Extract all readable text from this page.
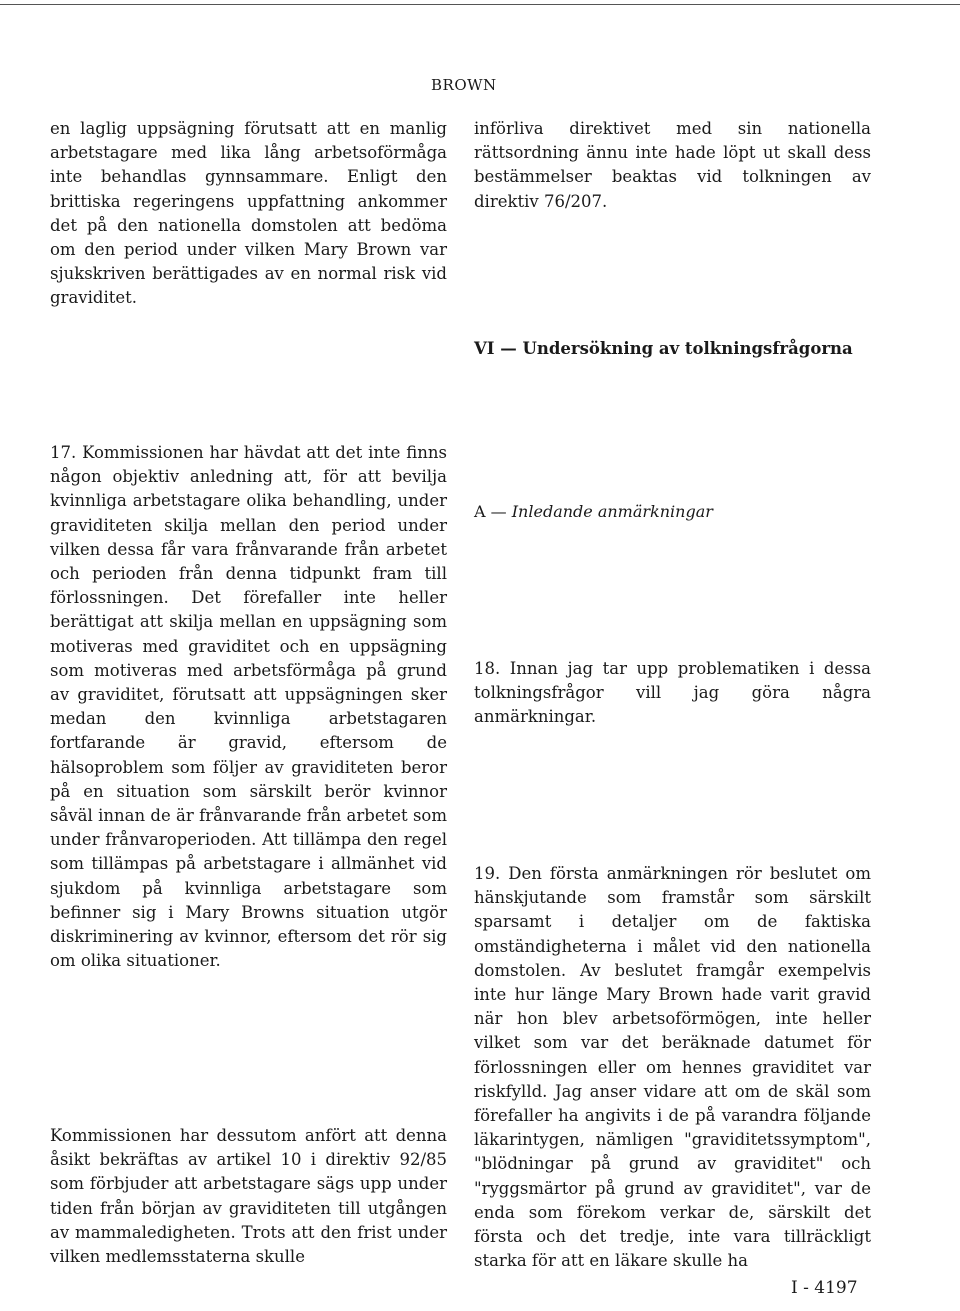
BROWN

en laglig uppsägning förutsatt att en manlig arbetstagare med lika lång arbetsoförmåga inte behandlas gynnsammare. Enligt den brittiska regeringens uppfattning ankommer det på den nationella domstolen att bedöma om den period under vilken Mary Brown var sjukskriven berättigades av en normal risk vid graviditet.

17. Kommissionen har hävdat att det inte finns någon objektiv anledning att, för att bevilja kvinnliga arbetstagare olika behandling, under graviditeten skilja mellan den period under vilken dessa får vara frånvarande från arbetet och perioden från denna tidpunkt fram till förlossningen. Det förefaller inte heller berättigat att skilja mellan en uppsägning som motiveras med graviditet och en uppsägning som motiveras med arbetsförmåga på grund av graviditet, förutsatt att uppsägningen sker medan den kvinnliga arbetstagaren fortfarande är gravid, eftersom de hälsoproblem som följer av graviditeten beror på en situation som särskilt berör kvinnor såväl innan de är frånvarande från arbetet som under frånvaroperioden. Att tillämpa den regel som tillämpas på arbetstagare i allmänhet vid sjukdom på kvinnliga arbetstagare som befinner sig i Mary Browns situation utgör diskriminering av kvinnor, eftersom det rör sig om olika situationer.

Kommissionen har dessutom anfört att denna åsikt bekräftas av artikel 10 i direktiv 92/85 som förbjuder att arbetstagare sägs upp under tiden från början av graviditeten till utgången av mammaledigheten. Trots att den frist under vilken medlemsstaterna skulle

införliva direktivet med sin nationella rättsordning ännu inte hade löpt ut skall dess bestämmelser beaktas vid tolkningen av direktiv 76/207.

VI — Undersökning av tolkningsfrågorna
A — Inledande anmärkningar

18. Innan jag tar upp problematiken i dessa tolkningsfrågor vill jag göra några anmärkningar.

19. Den första anmärkningen rör beslutet om hänskjutande som framstår som särskilt sparsamt i detaljer om de faktiska omständigheterna i målet vid den nationella domstolen. Av beslutet framgår exempelvis inte hur länge Mary Brown hade varit gravid när hon blev arbetsoförmögen, inte heller vilket som var det beräknade datumet för förlossningen eller om hennes graviditet var riskfylld. Jag anser vidare att om de skäl som förefaller ha angivits i de på varandra följande läkarintygen, nämligen "graviditetssymptom", "blödningar på grund av graviditet" och "ryggsmärtor på grund av graviditet", var de enda som förekom verkar de, särskilt det första och det tredje, inte vara tillräckligt starka för att en läkare skulle ha

I - 4197
